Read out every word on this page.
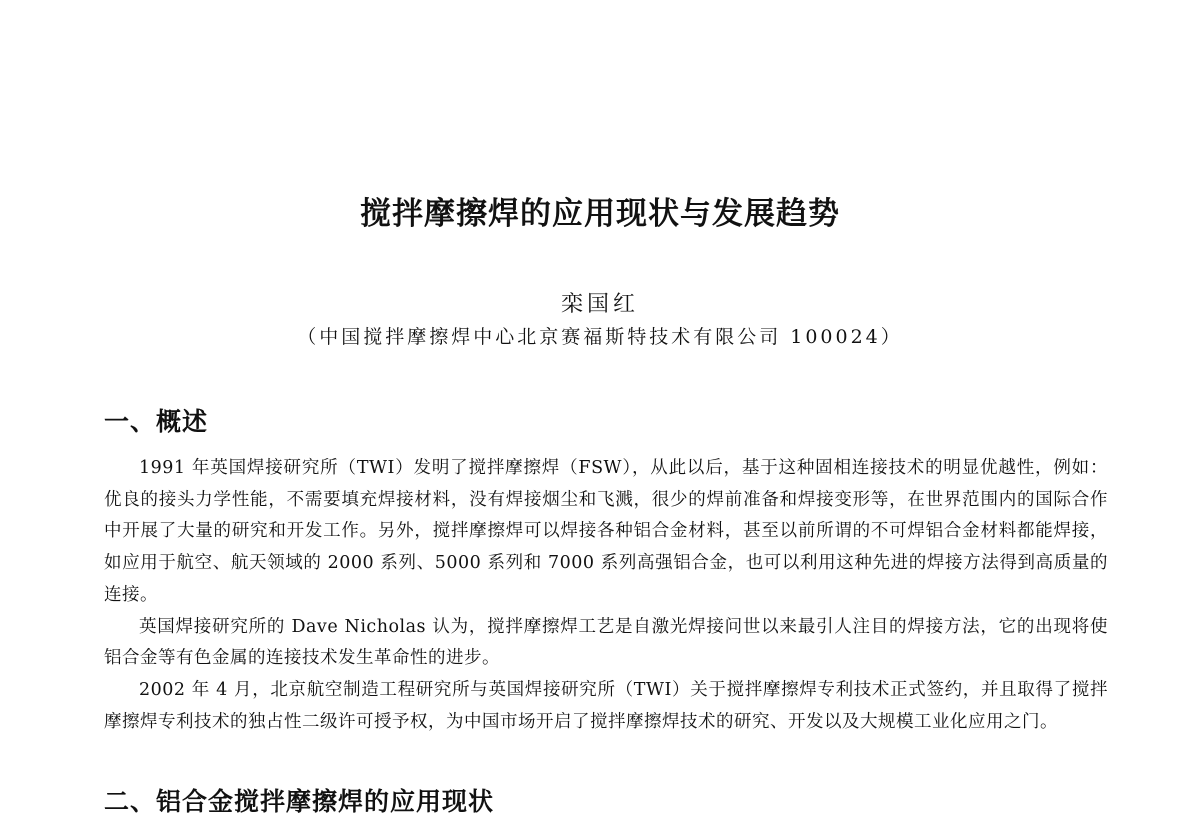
搅拌摩擦焊的应用现状与发展趋势
栾国红
（中国搅拌摩擦焊中心北京赛福斯特技术有限公司 100024）
一、概述

1991 年英国焊接研究所（TWI）发明了搅拌摩擦焊（FSW），从此以后，基于这种固相连接技术的明显优越性，例如：优良的接头力学性能，不需要填充焊接材料，没有焊接烟尘和飞溅，很少的焊前准备和焊接变形等，在世界范围内的国际合作中开展了大量的研究和开发工作。另外，搅拌摩擦焊可以焊接各种铝合金材料，甚至以前所谓的不可焊铝合金材料都能焊接，如应用于航空、航天领域的 2000 系列、5000 系列和 7000 系列高强铝合金，也可以利用这种先进的焊接方法得到高质量的连接。

英国焊接研究所的 Dave Nicholas 认为，搅拌摩擦焊工艺是自激光焊接问世以来最引人注目的焊接方法，它的出现将使铝合金等有色金属的连接技术发生革命性的进步。

2002 年 4 月，北京航空制造工程研究所与英国焊接研究所（TWI）关于搅拌摩擦焊专利技术正式签约，并且取得了搅拌摩擦焊专利技术的独占性二级许可授予权，为中国市场开启了搅拌摩擦焊技术的研究、开发以及大规模工业化应用之门。

二、铝合金搅拌摩擦焊的应用现状
